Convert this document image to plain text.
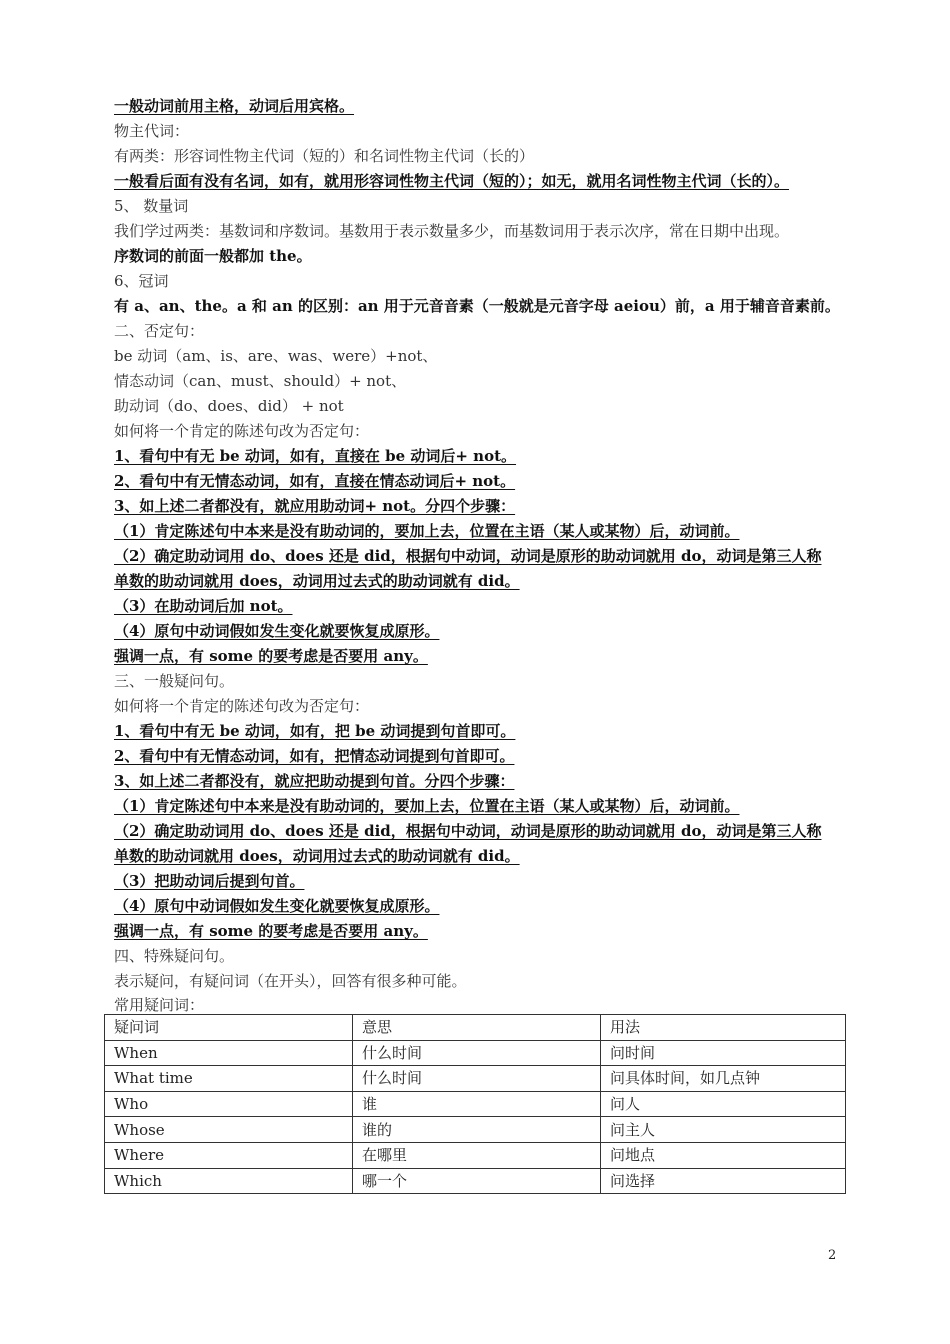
一般动词前用主格，动词后用宾格。
物主代词：
有两类：形容词性物主代词（短的）和名词性物主代词（长的）
一般看后面有没有名词，如有，就用形容词性物主代词（短的）；如无，就用名词性物主代词（长的）。
5、 数量词
我们学过两类：基数词和序数词。基数用于表示数量多少，而基数词用于表示次序，常在日期中出现。
序数词的前面一般都加 the。
6、冠词
有 a、an、the。a 和 an 的区别：an 用于元音音素（一般就是元音字母 aeiou）前，a 用于辅音音素前。
二、否定句：
be 动词（am、is、are、was、were）+not、
情态动词（can、must、should）+ not、
助动词（do、does、did） + not
如何将一个肯定的陈述句改为否定句：
1、看句中有无 be 动词，如有，直接在 be 动词后+ not。
2、看句中有无情态动词，如有，直接在情态动词后+ not。
3、如上述二者都没有，就应用助动词+ not。分四个步骤：
（1）肯定陈述句中本来是没有助动词的，要加上去，位置在主语（某人或某物）后，动词前。
（2）确定助动词用 do、does 还是 did，根据句中动词，动词是原形的助动词就用 do，动词是第三人称
单数的助动词就用 does，动词用过去式的助动词就有 did。
（3）在助动词后加 not。
（4）原句中动词假如发生变化就要恢复成原形。
强调一点，有 some 的要考虑是否要用 any。
三、一般疑问句。
如何将一个肯定的陈述句改为否定句：
1、看句中有无 be 动词，如有，把 be 动词提到句首即可。
2、看句中有无情态动词，如有，把情态动词提到句首即可。
3、如上述二者都没有，就应把助动提到句首。分四个步骤：
（1）肯定陈述句中本来是没有助动词的，要加上去，位置在主语（某人或某物）后，动词前。
（2）确定助动词用 do、does 还是 did，根据句中动词，动词是原形的助动词就用 do，动词是第三人称
单数的助动词就用 does，动词用过去式的助动词就有 did。
（3）把助动词后提到句首。
（4）原句中动词假如发生变化就要恢复成原形。
强调一点，有 some 的要考虑是否要用 any。
四、特殊疑问句。
表示疑问，有疑问词（在开头），回答有很多种可能。
常用疑问词：
疑问词	意思	用法
When	什么时间	问时间
What time	什么时间	问具体时间，如几点钟
Who	谁	问人
Whose	谁的	问主人
Where	在哪里	问地点
Which	哪一个	问选择
2
